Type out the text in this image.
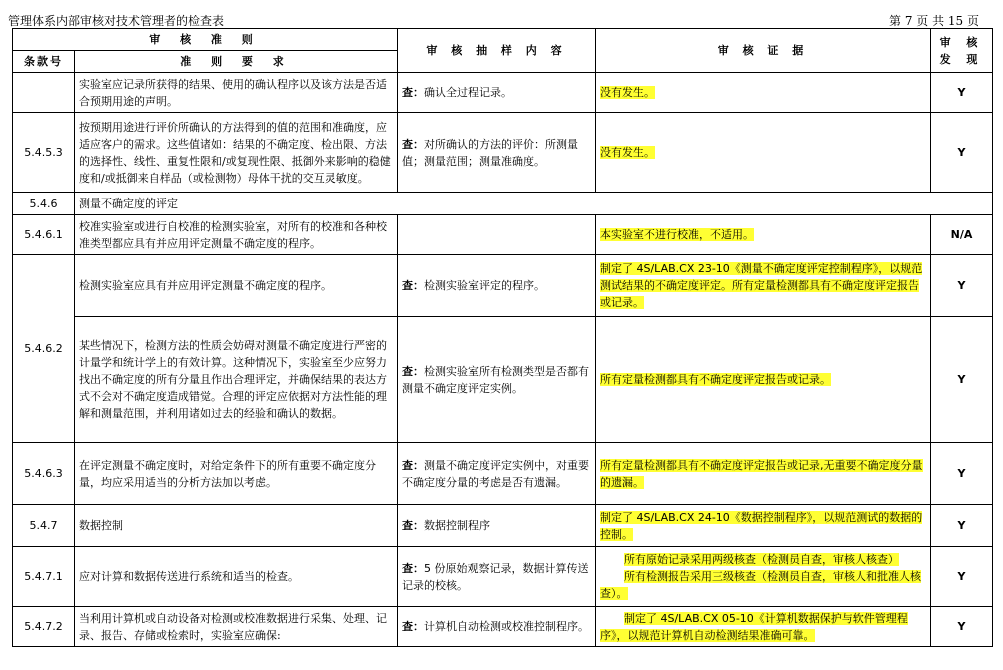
管理体系内部审核对技术管理者的检查表	第 7 页 共 15 页
审 核 准 则		审 核 抽 样 内 容	审 核 证 据	审 核 发 现
条款号	准 则 要 求			
	实验室应记录所获得的结果、使用的确认程序以及该方法是否适合预期用途的声明。	查：确认全过程记录。	没有发生。	Y
5.4.5.3	按预期用途进行评价所确认的方法得到的值的范围和准确度，应适应客户的需求。这些值诸如：结果的不确定度、检出限、方法的选择性、线性、重复性限和/或复现性限、抵御外来影响的稳健度和/或抵御来自样品（或检测物）母体干扰的交互灵敏度。	查：对所确认的方法的评价：所测量值；测量范围；测量准确度。	没有发生。	Y
5.4.6	测量不确定度的评定			
5.4.6.1	校准实验室或进行自校准的检测实验室，对所有的校准和各种校准类型都应具有并应用评定测量不确定度的程序。		本实验室不进行校准，不适用。	N/A
5.4.6.2	检测实验室应具有并应用评定测量不确定度的程序。	查：检测实验室评定的程序。	制定了 4S/LAB.CX 23-10《测量不确定度评定控制程序》，以规范测试结果的不确定度评定。所有定量检测都具有不确定度评定报告或记录。	Y
	某些情况下，检测方法的性质会妨碍对测量不确定度进行严密的计量学和统计学上的有效计算。这种情况下，实验室至少应努力找出不确定度的所有分量且作出合理评定，并确保结果的表达方式不会对不确定度造成错觉。合理的评定应依据对方法性能的理解和测量范围，并利用诸如过去的经验和确认的数据。	查：检测实验室所有检测类型是否都有测量不确定度评定实例。	所有定量检测都具有不确定度评定报告或记录。	Y
5.4.6.3	在评定测量不确定度时，对给定条件下的所有重要不确定度分量，均应采用适当的分析方法加以考虑。	查：测量不确定度评定实例中，对重要不确定度分量的考虑是否有遗漏。	所有定量检测都具有不确定度评定报告或记录,无重要不确定度分量的遗漏。	Y
5.4.7	数据控制	查：数据控制程序	制定了 4S/LAB.CX 24-10《数据控制程序》，以规范测试的数据的控制。	Y
5.4.7.1	应对计算和数据传送进行系统和适当的检查。	查：5 份原始观察记录，数据计算传送记录的校核。	所有原始记录采用两级核查（检测员自查，审核人核查）
所有检测报告采用三级核查（检测员自查，审核人和批准人核查）。	Y
5.4.7.2	当利用计算机或自动设备对检测或校准数据进行采集、处理、记录、报告、存储或检索时，实验室应确保:	查：计算机自动检测或校准控制程序。	制定了 4S/LAB.CX 05-10《计算机数据保护与软件管理程序》，以规范计算机自动检测结果准确可靠。	Y
